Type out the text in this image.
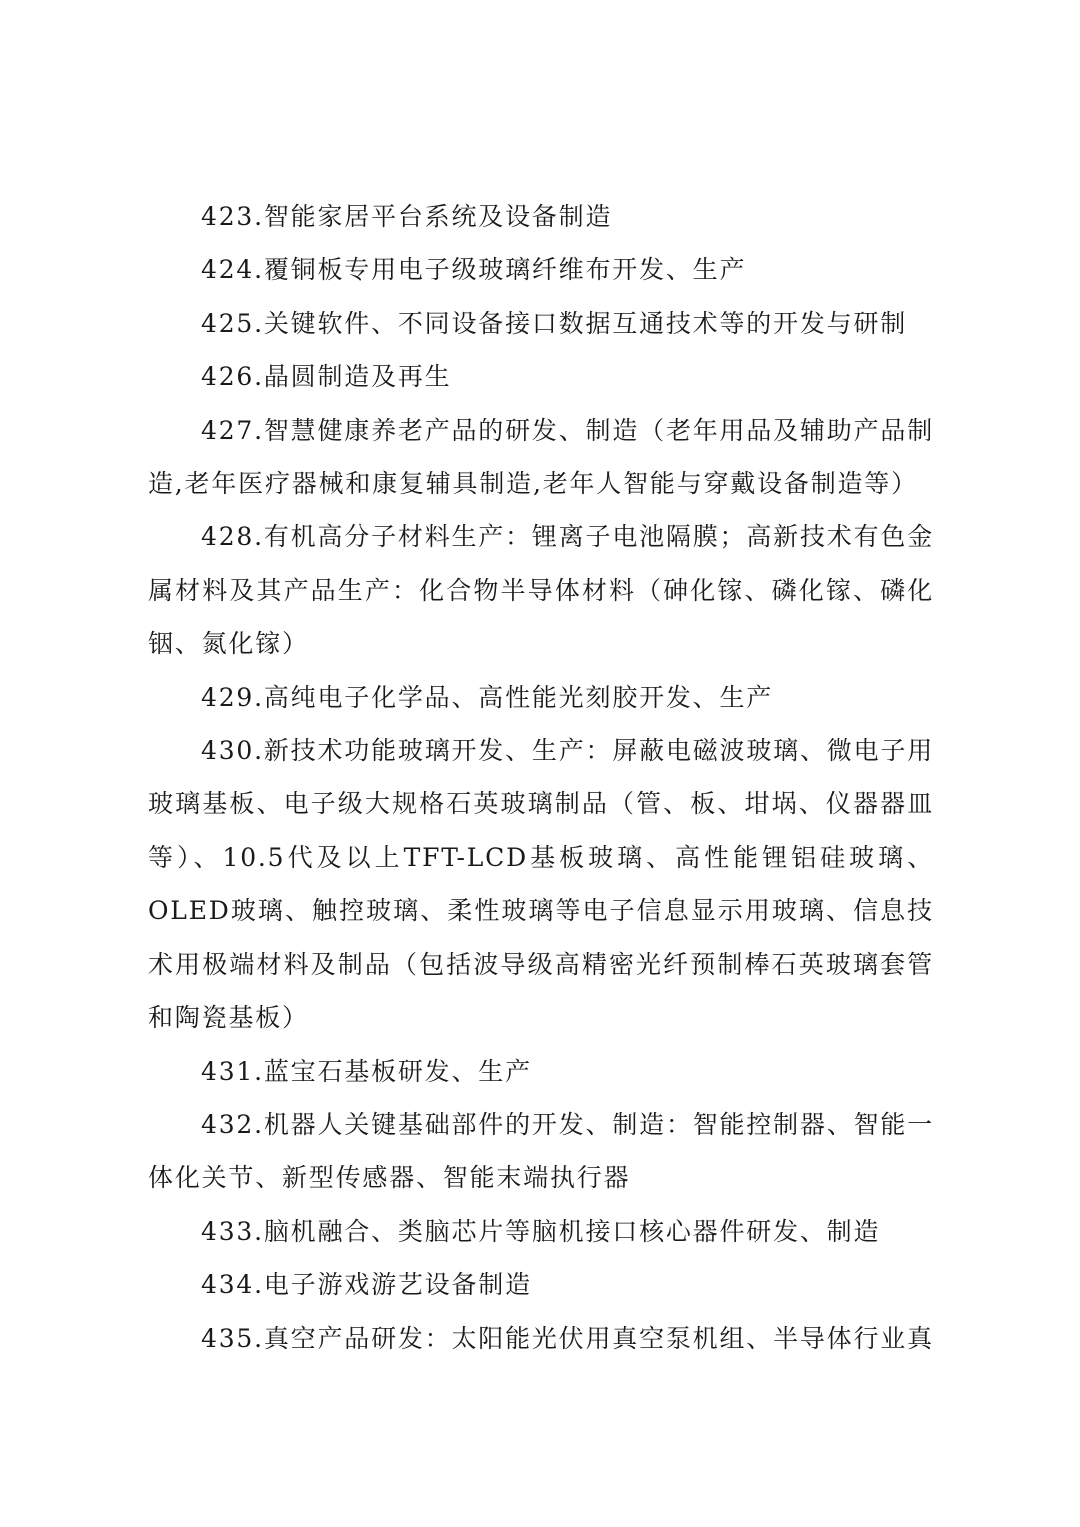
423.智能家居平台系统及设备制造

424.覆铜板专用电子级玻璃纤维布开发、生产

425.关键软件、不同设备接口数据互通技术等的开发与研制

426.晶圆制造及再生

427.智慧健康养老产品的研发、制造（老年用品及辅助产品制造,老年医疗器械和康复辅具制造,老年人智能与穿戴设备制造等）

428.有机高分子材料生产：锂离子电池隔膜；高新技术有色金属材料及其产品生产：化合物半导体材料（砷化镓、磷化镓、磷化铟、氮化镓）

429.高纯电子化学品、高性能光刻胶开发、生产

430.新技术功能玻璃开发、生产：屏蔽电磁波玻璃、微电子用玻璃基板、电子级大规格石英玻璃制品（管、板、坩埚、仪器器皿等）、10.5代及以上TFT-LCD基板玻璃、高性能锂铝硅玻璃、OLED玻璃、触控玻璃、柔性玻璃等电子信息显示用玻璃、信息技术用极端材料及制品（包括波导级高精密光纤预制棒石英玻璃套管和陶瓷基板）

431.蓝宝石基板研发、生产

432.机器人关键基础部件的开发、制造：智能控制器、智能一体化关节、新型传感器、智能末端执行器

433.脑机融合、类脑芯片等脑机接口核心器件研发、制造

434.电子游戏游艺设备制造

435.真空产品研发：太阳能光伏用真空泵机组、半导体行业真
